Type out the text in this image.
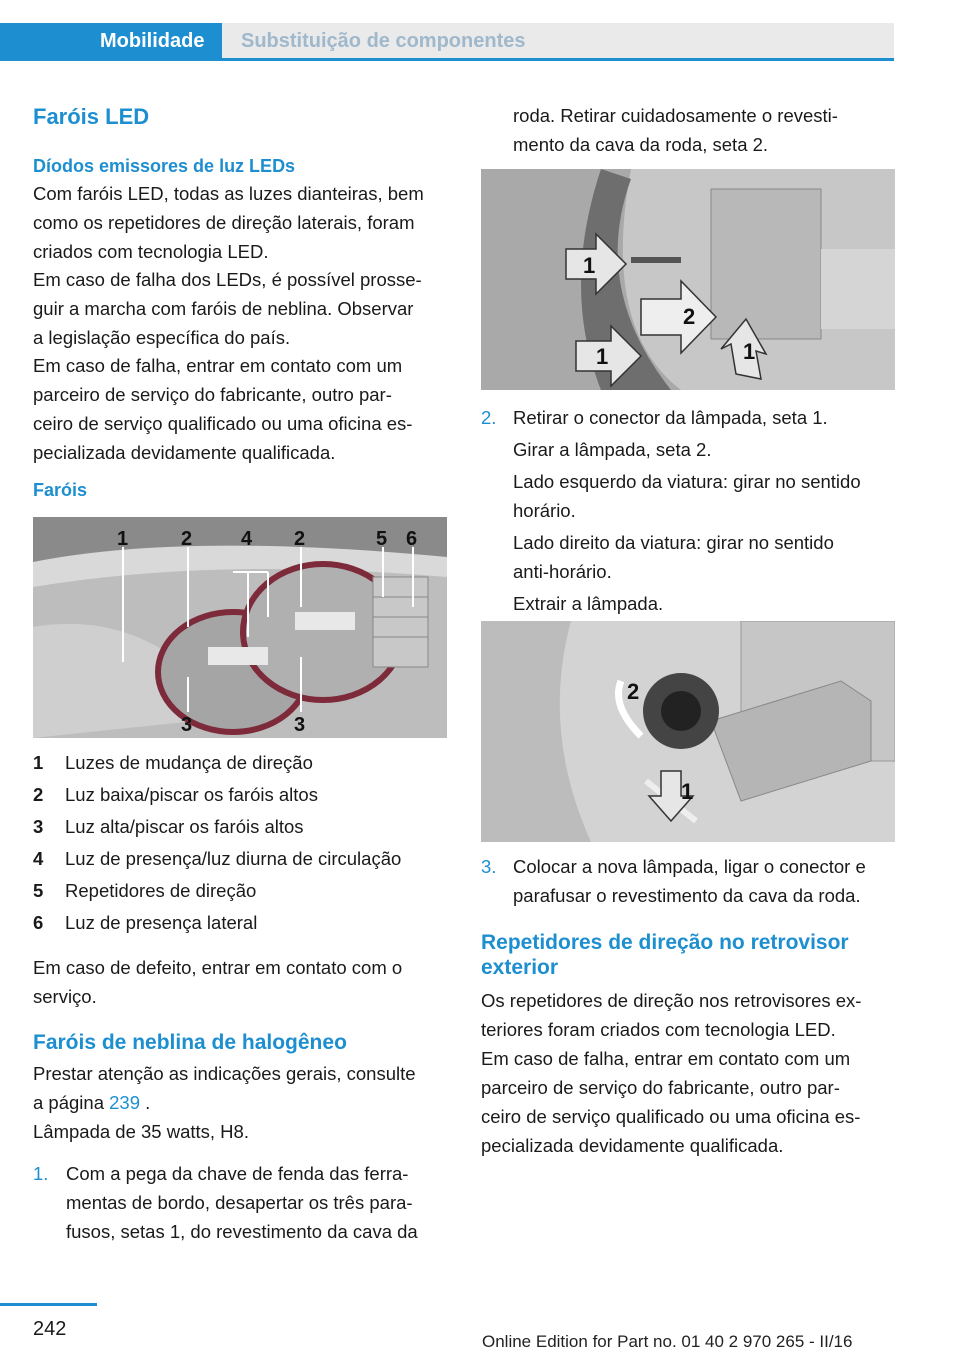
Mobilidade Substituição de componentes
Faróis LED
Díodos emissores de luz LEDs

Com faróis LED, todas as luzes dianteiras, bem

como os repetidores de direção laterais, foram

criados com tecnologia LED.

Em caso de falha dos LEDs, é possível prosse‐

guir a marcha com faróis de neblina. Observar

a legislação específica do país.

Em caso de falha, entrar em contato com um

parceiro de serviço do fabricante, outro par‐

ceiro de serviço qualificado ou uma oficina es‐

pecializada devidamente qualificada.

Faróis
1	2 4 2	5 6
3	3
1 Luzes de mudança de direção
2 Luz baixa/piscar os faróis altos
3 Luz alta/piscar os faróis altos
4 Luz de presença/luz diurna de circulação
5 Repetidores de direção
6 Luz de presença lateral

Em caso de defeito, entrar em contato com o

serviço.

Faróis de neblina de halogêneo

Prestar atenção as indicações gerais, consulte

a página 239 .

Lâmpada de 35 watts, H8.

1. Com a pega da chave de fenda das ferra‐

mentas de bordo, desapertar os três para‐

fusos, setas 1, do revestimento da cava da

roda. Retirar cuidadosamente o revesti‐

mento da cava da roda, seta 2.

1
2
1	1
2. Retirar o conector da lâmpada, seta 1.

Girar a lâmpada, seta 2.

Lado esquerdo da viatura: girar no sentido

horário.

Lado direito da viatura: girar no sentido

anti-horário.

Extrair a lâmpada.

2
1
3. Colocar a nova lâmpada, ligar o conector e

parafusar o revestimento da cava da roda.

Repetidores de direção no retrovisor
exterior

Os repetidores de direção nos retrovisores ex‐

teriores foram criados com tecnologia LED.

Em caso de falha, entrar em contato com um

parceiro de serviço do fabricante, outro par‐

ceiro de serviço qualificado ou uma oficina es‐

pecializada devidamente qualificada.

242
Online Edition for Part no. 01 40 2 970 265 - II/16
